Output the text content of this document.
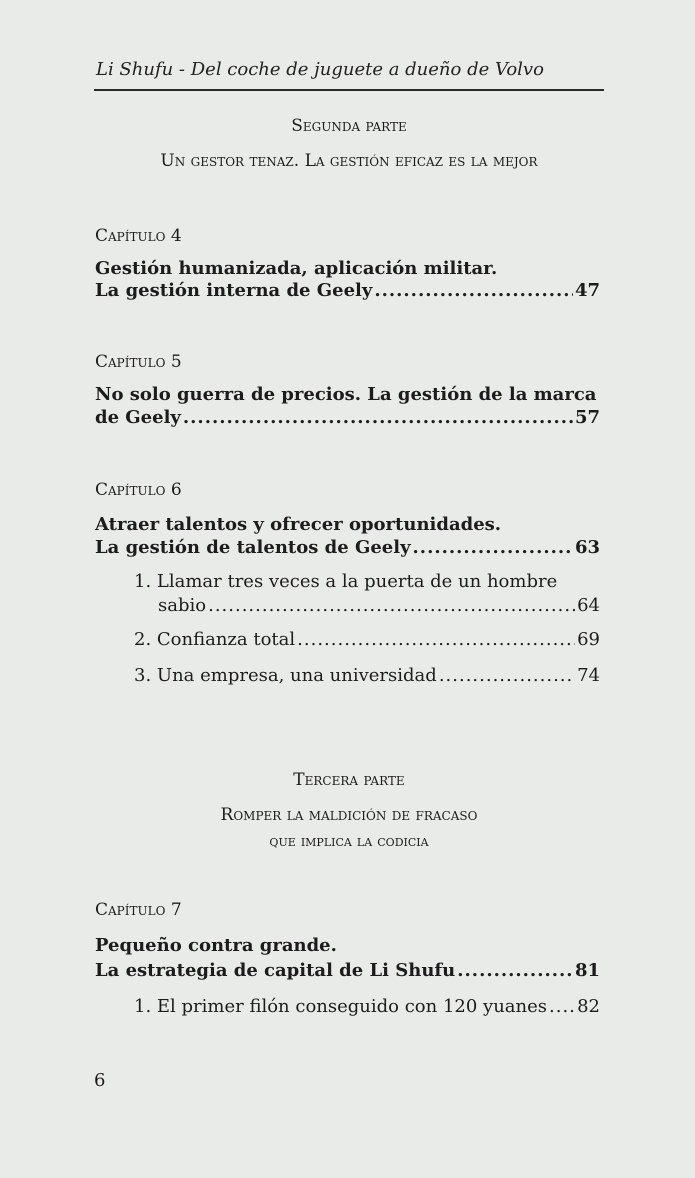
Li Shufu - Del coche de juguete a dueño de Volvo
Segunda parte
Un gestor tenaz. La gestión eficaz es la mejor
Capítulo 4
Gestión humanizada, aplicación militar.
La gestión interna de Geely .....	47
Capítulo 5
No solo guerra de precios. La gestión de la marca
de Geely .....	57
Capítulo 6
Atraer talentos y ofrecer oportunidades.
La gestión de talentos de Geely .....	63
1. Llamar tres veces a la puerta de un hombre
sabio .....	64
2. Confianza total .....	69
3. Una empresa, una universidad .....	74
Tercera parte
Romper la maldición de fracaso
que implica la codicia
Capítulo 7
Pequeño contra grande.
La estrategia de capital de Li Shufu .....	81
1. El primer filón conseguido con 120 yuanes ..... 82
6
